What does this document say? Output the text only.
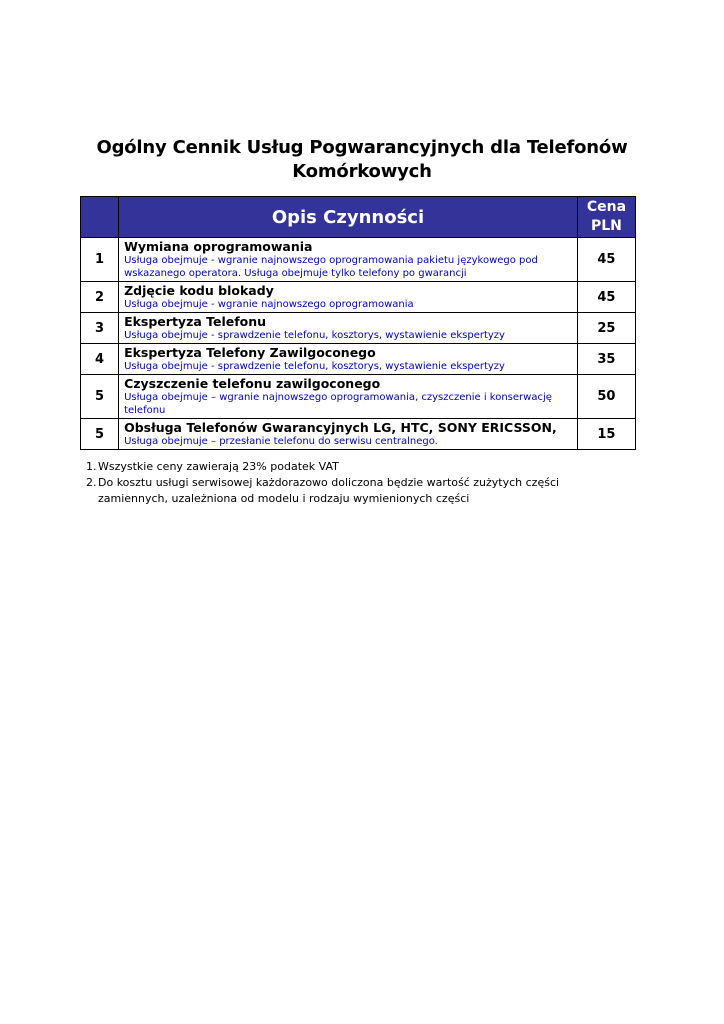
Ogólny Cennik Usług Pogwarancyjnych dla Telefonów Komórkowych
	Opis Czynności	Cena
PLN

1	Wymiana oprogramowania
Usługa obejmuje - wgranie najnowszego oprogramowania pakietu językowego pod wskazanego operatora. Usługa obejmuje tylko telefony po gwarancji	45
2	Zdjęcie kodu blokady
Usługa obejmuje - wgranie najnowszego oprogramowania	45
3	Ekspertyza Telefonu
Usługa obejmuje - sprawdzenie telefonu, kosztorys, wystawienie ekspertyzy	25
4	Ekspertyza Telefony Zawilgoconego
Usługa obejmuje - sprawdzenie telefonu, kosztorys, wystawienie ekspertyzy	35
5	Czyszczenie telefonu zawilgoconego
Usługa obejmuje – wgranie najnowszego oprogramowania, czyszczenie i konserwację telefonu	50
5	Obsługa Telefonów Gwarancyjnych LG, HTC, SONY ERICSSON,
Usługa obejmuje – przesłanie telefonu do serwisu centralnego.	15
1. Wszystkie ceny zawierają 23% podatek VAT
2. Do kosztu usługi serwisowej każdorazowo doliczona będzie wartość zużytych części zamiennych, uzależniona od modelu i rodzaju wymienionych części
